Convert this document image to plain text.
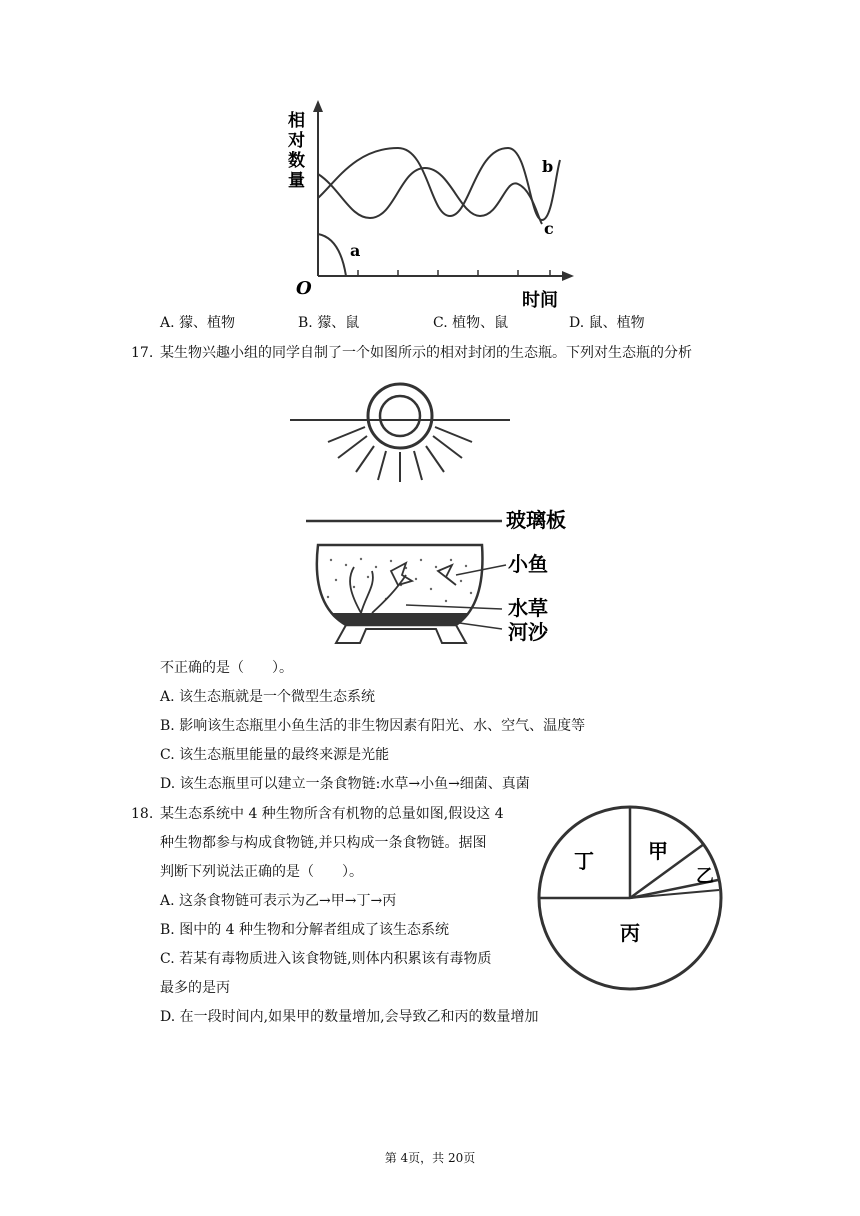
相
对
数
量
O
时间
a
b
c
A. 獴、植物	B. 獴、鼠	C. 植物、鼠	D. 鼠、植物
17. 某生物兴趣小组的同学自制了一个如图所示的相对封闭的生态瓶。下列对生态瓶的分析
玻璃板
小鱼
水草
河沙
不正确的是（　　）。
A. 该生态瓶就是一个微型生态系统
B. 影响该生态瓶里小鱼生活的非生物因素有阳光、水、空气、温度等
C. 该生态瓶里能量的最终来源是光能
D. 该生态瓶里可以建立一条食物链:水草→小鱼→细菌、真菌
18. 某生态系统中 4 种生物所含有机物的总量如图,假设这 4
种生物都参与构成食物链,并只构成一条食物链。据图
判断下列说法正确的是（　　）。
A. 这条食物链可表示为乙→甲→丁→丙
B. 图中的 4 种生物和分解者组成了该生态系统
C. 若某有毒物质进入该食物链,则体内积累该有毒物质
最多的是丙
D. 在一段时间内,如果甲的数量增加,会导致乙和丙的数量增加
丁	甲
乙
丙
第 4页，共 20页
